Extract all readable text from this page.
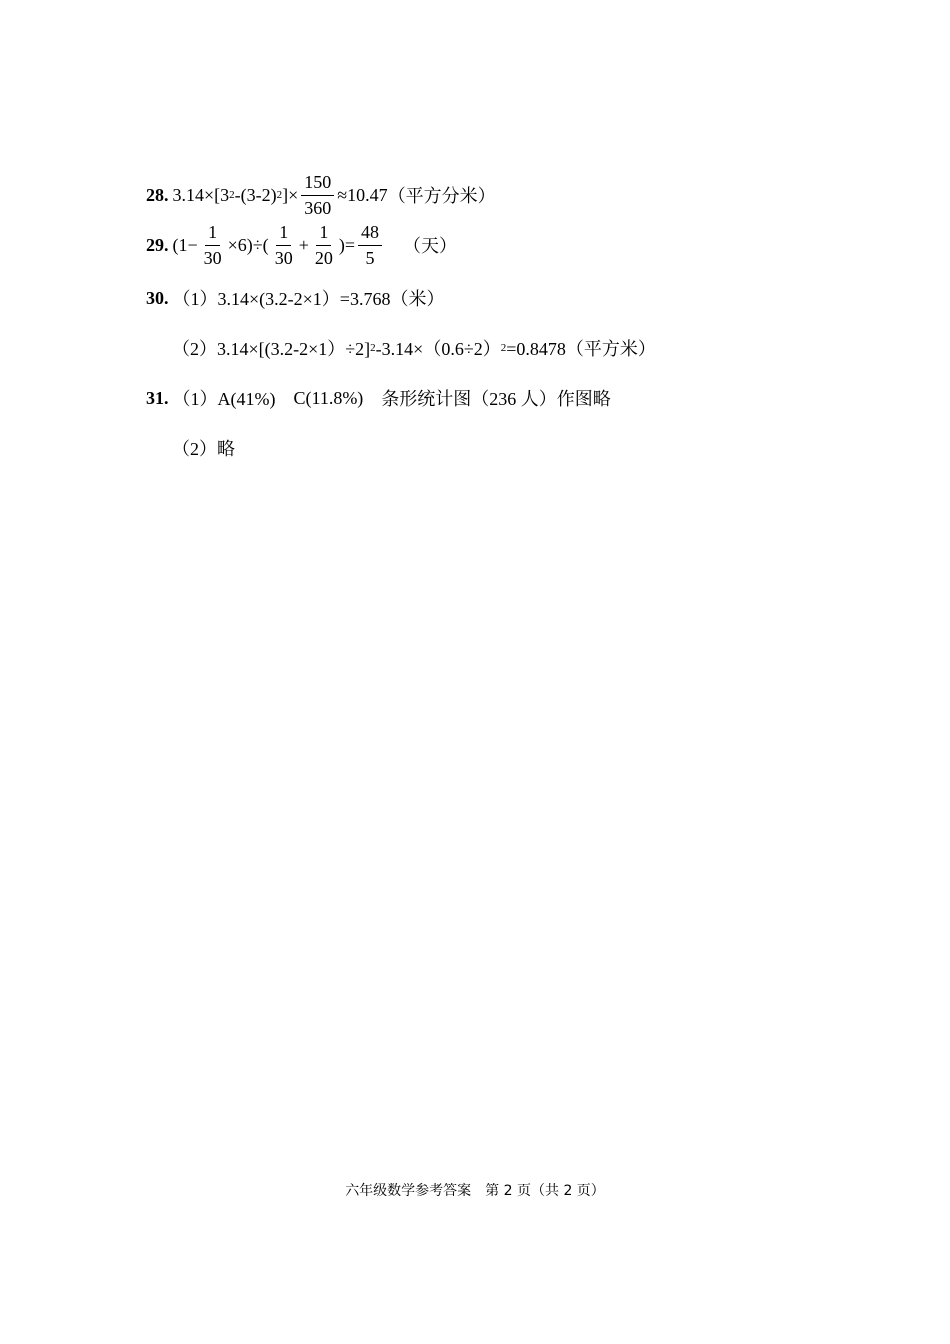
28. 3.14×[3 2 -(3-2) 2 ]× $\frac{150}{360} \approx 10.47$ （平方分米）
29. $(1 - \frac{1}{30} \times 6)\div( \frac{1}{30} + \frac{1}{20}$ )= $\frac{48}{5}$ （天）
30. （1）3.14×(3.2-2×1）=3.768（米）
（2）3.14×[(3.2-2×1）÷2] 2 -3.14×（0.6÷2） 2 =0.8478（平方米）
31. （1）A(41%) C(11.8%) 条形统计图（236 人）作图略
（2）略
六年级数学参考答案　第 2 页（共 2 页）
